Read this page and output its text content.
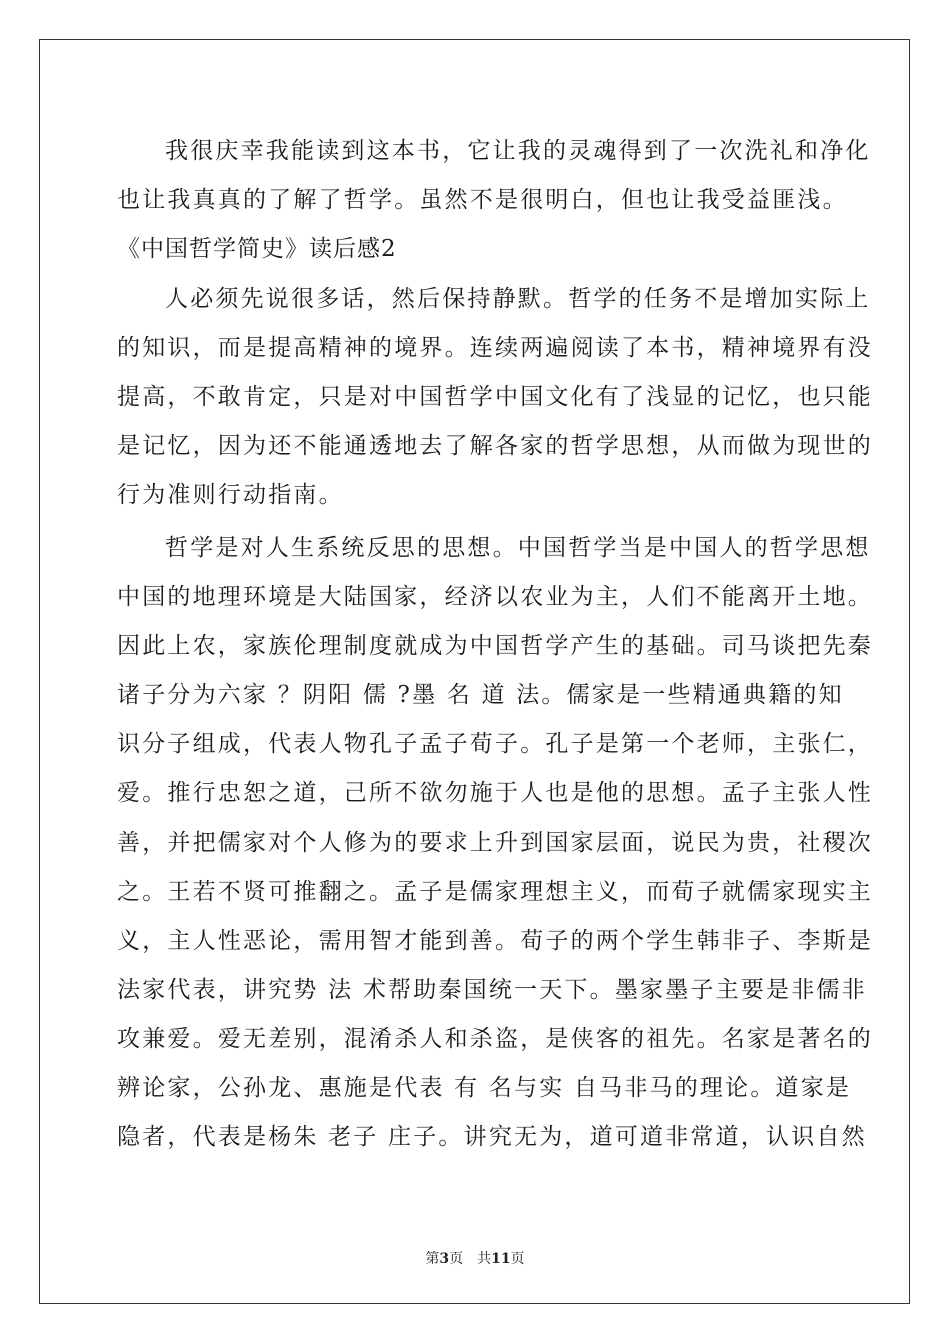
我很庆幸我能读到这本书，它让我的灵魂得到了一次洗礼和净化
也让我真真的了解了哲学。虽然不是很明白，但也让我受益匪浅。
《中国哲学简史》读后感2
人必须先说很多话，然后保持静默。哲学的任务不是增加实际上
的知识，而是提高精神的境界。连续两遍阅读了本书，精神境界有没
提高，不敢肯定，只是对中国哲学中国文化有了浅显的记忆，也只能
是记忆，因为还不能通透地去了解各家的哲学思想，从而做为现世的
行为准则行动指南。
哲学是对人生系统反思的思想。中国哲学当是中国人的哲学思想
中国的地理环境是大陆国家，经济以农业为主，人们不能离开土地。
因此上农，家族伦理制度就成为中国哲学产生的基础。司马谈把先秦
诸子分为六家 ？阴阳 儒 ?墨 名 道 法。儒家是一些精通典籍的知
识分子组成，代表人物孔子孟子荀子。孔子是第一个老师，主张仁，
爱。推行忠恕之道，己所不欲勿施于人也是他的思想。孟子主张人性
善，并把儒家对个人修为的要求上升到国家层面，说民为贵，社稷次
之。王若不贤可推翻之。孟子是儒家理想主义，而荀子就儒家现实主
义，主人性恶论，需用智才能到善。荀子的两个学生韩非子、李斯是
法家代表，讲究势 法 术帮助秦国统一天下。墨家墨子主要是非儒非
攻兼爱。爱无差别，混淆杀人和杀盗，是侠客的祖先。名家是著名的
辨论家，公孙龙、惠施是代表 有 名与实 自马非马的理论。道家是
隐者，代表是杨朱 老子 庄子。讲究无为，道可道非常道，认识自然
第3页　共11页
